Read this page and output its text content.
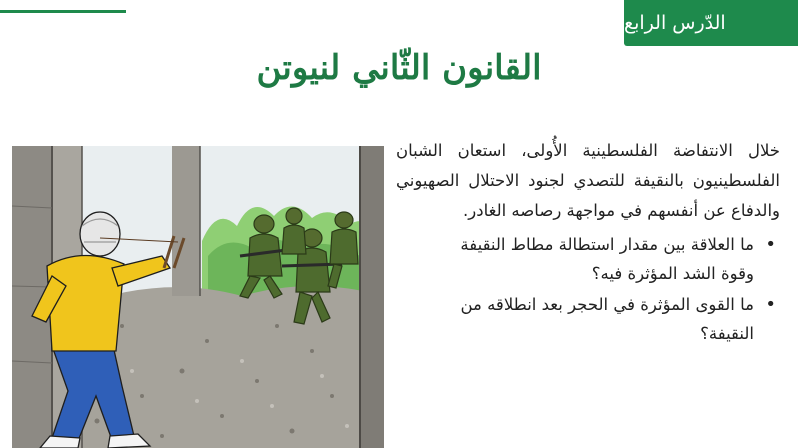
الدّرس الرابع
القانون الثّاني لنيوتن

خلال الانتفاضة الفلسطينية الأُولى، استعان الشبان الفلسطينيون بالنقيفة للتصدي لجنود الاحتلال الصهيوني والدفاع عن أنفسهم في مواجهة رصاصه الغادر.

•
ما العلاقة بين مقدار استطالة مطاط النقيفة وقوة الشد المؤثرة فيه؟
•
ما القوى المؤثرة في الحجر بعد انطلاقه من النقيفة؟
